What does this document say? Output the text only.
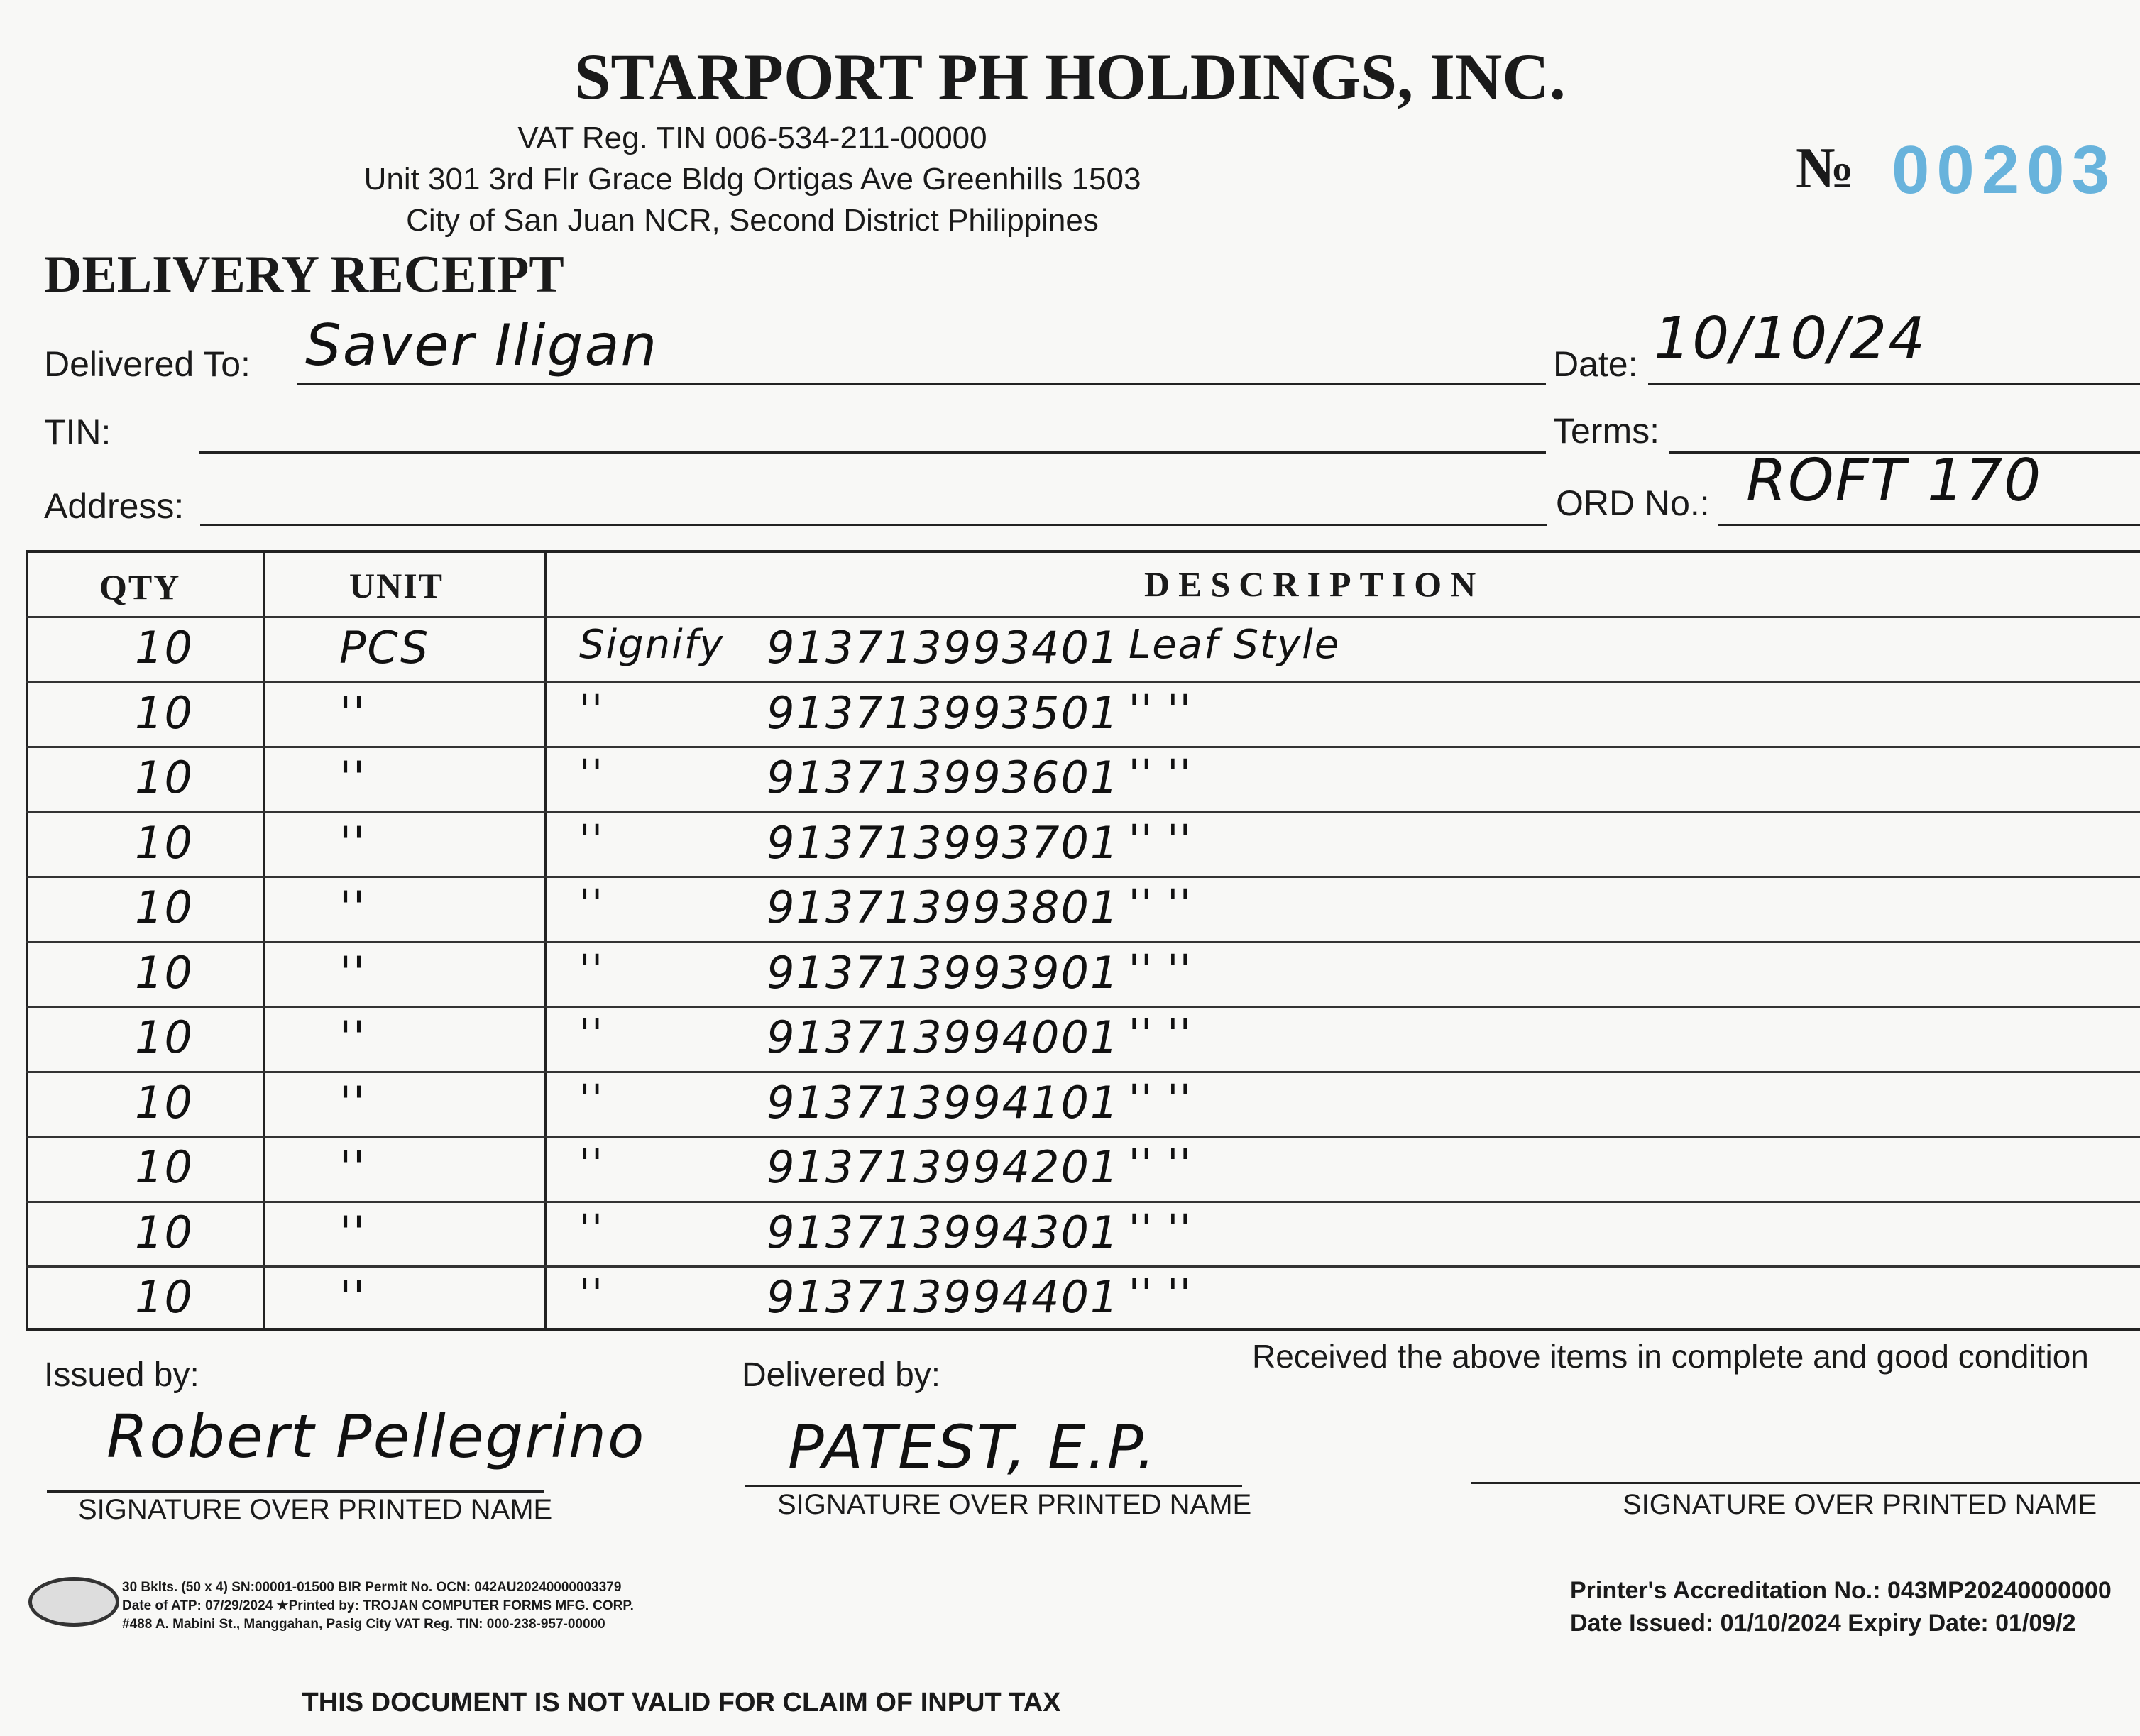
STARPORT PH HOLDINGS, INC.
VAT Reg. TIN 006-534-211-00000
Unit 301 3rd Flr Grace Bldg Ortigas Ave Greenhills 1503
City of San Juan NCR, Second District Philippines
№ 00203
DELIVERY RECEIPT
Delivered To: Saver Iligan	Date: 10/10/24
TIN:	Terms:
Address:	ORD No.: ROFT 170
QTY	UNIT	DESCRIPTION
10	PCS	Signify 913713993401 Leaf Style
10	''	''	913713993501 '' ''
10	''	''	913713993601 '' ''
10	''	''	913713993701 '' ''
10	''	''	913713993801 '' ''
10	''	''	913713993901 '' ''
10	''	''	913713994001 '' ''
10	''	''	913713994101 '' ''
10	''	''	913713994201 '' ''
10	''	''	913713994301 '' ''
10	''	''	913713994401 '' ''
Issued by:
Robert Pellegrino
SIGNATURE OVER PRINTED NAME
Delivered by:
PATEST, E.P.
SIGNATURE OVER PRINTED NAME
Received the above items in complete and good condition
SIGNATURE OVER PRINTED NAME
30 Bklts. (50 x 4) SN:00001-01500 BIR Permit No. OCN: 042AU20240000003379
Date of ATP: 07/29/2024 ★Printed by: TROJAN COMPUTER FORMS MFG. CORP.
#488 A. Mabini St., Manggahan, Pasig City VAT Reg. TIN: 000-238-957-00000
Printer's Accreditation No.: 043MP20240000000
Date Issued: 01/10/2024 Expiry Date: 01/09/2
THIS DOCUMENT IS NOT VALID FOR CLAIM OF INPUT TAX
